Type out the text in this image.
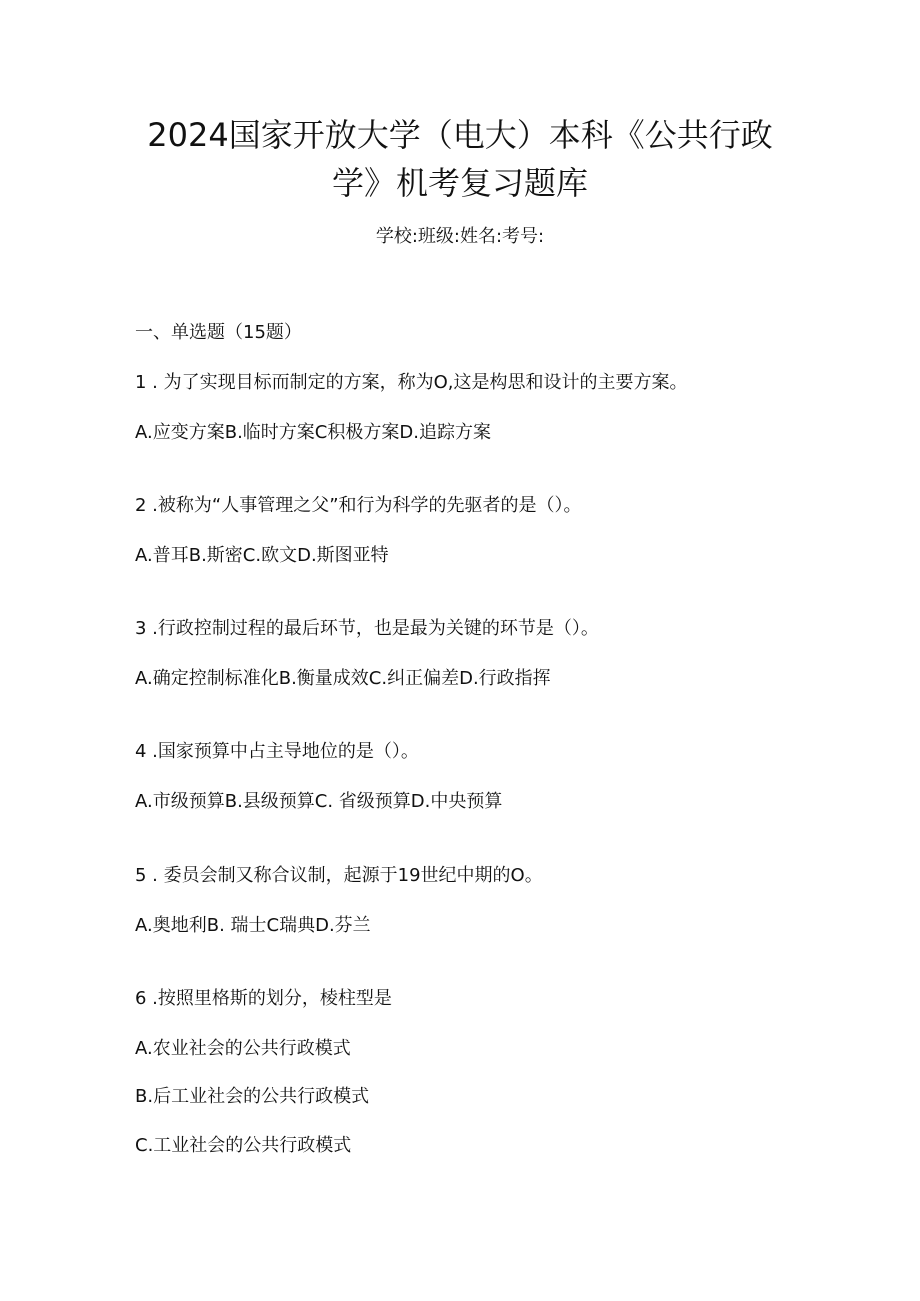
2024国家开放大学（电大）本科《公共行政
学》机考复习题库
学校:班级:姓名:考号:
一、单选题（15题）
1 . 为了实现目标而制定的方案，称为O,这是构思和设计的主要方案。
A.应变方案B.临时方案C积极方案D.追踪方案
2 .被称为“人事管理之父”和行为科学的先驱者的是（）。
A.普耳B.斯密C.欧文D.斯图亚特
3 .行政控制过程的最后环节，也是最为关键的环节是（）。
A.确定控制标准化B.衡量成效C.纠正偏差D.行政指挥
4 .国家预算中占主导地位的是（）。
A.市级预算B.县级预算C. 省级预算D.中央预算
5 . 委员会制又称合议制，起源于19世纪中期的O。
A.奥地利B. 瑞士C瑞典D.芬兰
6 .按照里格斯的划分，棱柱型是
A.农业社会的公共行政模式
B.后工业社会的公共行政模式
C.工业社会的公共行政模式
